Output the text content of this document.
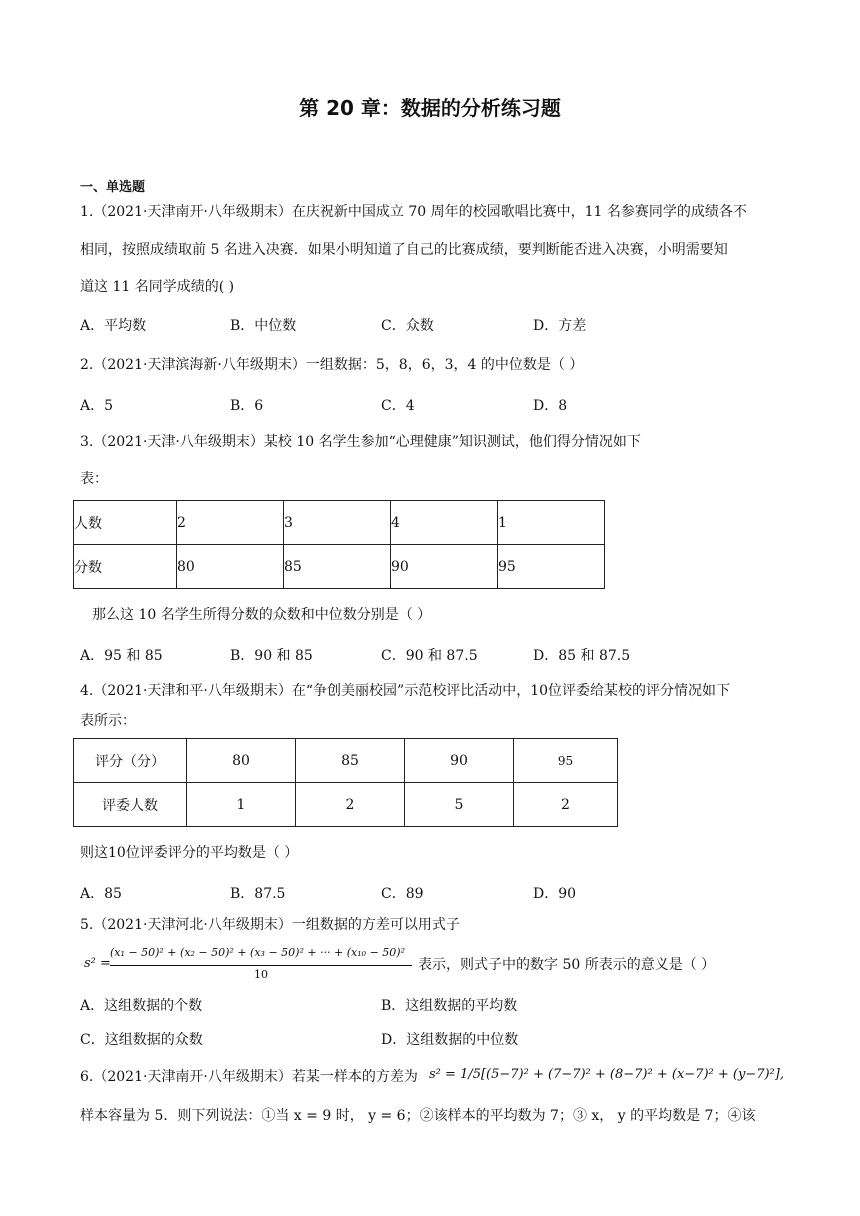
第 20 章：数据的分析练习题
一、单选题
1.（2021·天津南开·八年级期末）在庆祝新中国成立 70 周年的校园歌唱比赛中，11 名参赛同学的成绩各不
相同，按照成绩取前 5 名进入决赛．如果小明知道了自己的比赛成绩，要判断能否进入决赛，小明需要知
道这 11 名同学成绩的( )
A．平均数	B．中位数	C．众数	D．方差
2.（2021·天津滨海新·八年级期末）一组数据：5，8，6，3，4 的中位数是（ ）
A．5	B．6	C．4	D．8
3.（2021·天津·八年级期末）某校 10 名学生参加“心理健康”知识测试，他们得分情况如下
表：
人数	2	3	4	1
分数	80	85	90	95
那么这 10 名学生所得分数的众数和中位数分别是（ ）
A．95 和 85	B．90 和 85	C．90 和 87.5	D．85 和 87.5
4.（2021·天津和平·八年级期末）在“争创美丽校园”示范校评比活动中，10位评委给某校的评分情况如下
表所示：
评分（分）	80	85	90	95
评委人数	1	2	5	2
则这10位评委评分的平均数是（ ）
A．85	B．87.5	C．89	D．90
5.（2021·天津河北·八年级期末）一组数据的方差可以用式子
s² =
(x₁ − 50)² + (x₂ − 50)² + (x₃ − 50)² + ··· + (x₁₀ − 50)²
10
表示，则式子中的数字 50 所表示的意义是（ ）
A．这组数据的个数	B．这组数据的平均数
C．这组数据的众数	D．这组数据的中位数
6.（2021·天津南开·八年级期末）若某一样本的方差为 s² = 1/5[(5−7)² + (7−7)² + (8−7)² + (x−7)² + (y−7)²],
样本容量为 5．则下列说法：①当 x = 9 时， y = 6；②该样本的平均数为 7；③ x， y 的平均数是 7；④该
